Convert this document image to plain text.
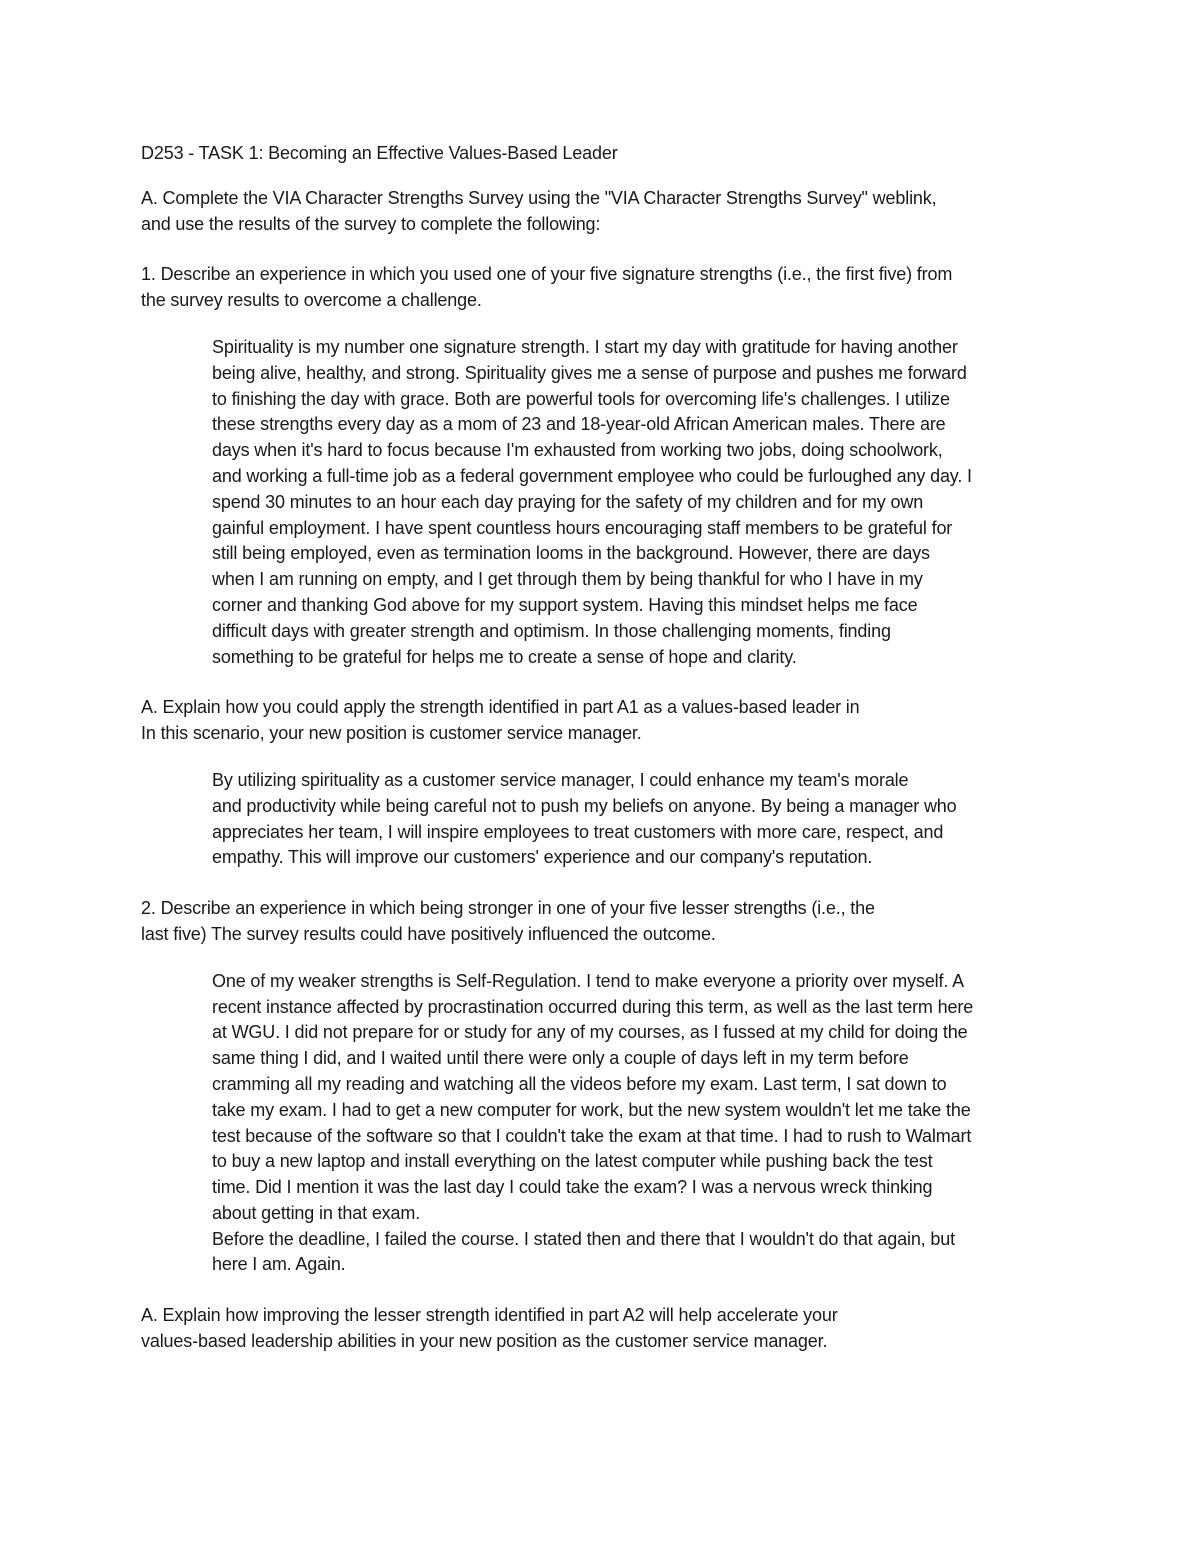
D253 - TASK 1: Becoming an Effective Values-Based Leader

A. Complete the VIA Character Strengths Survey using the "VIA Character Strengths Survey" weblink,
and use the results of the survey to complete the following:

1. Describe an experience in which you used one of your five signature strengths (i.e., the first five) from
the survey results to overcome a challenge.

Spirituality is my number one signature strength. I start my day with gratitude for having another
being alive, healthy, and strong. Spirituality gives me a sense of purpose and pushes me forward
to finishing the day with grace. Both are powerful tools for overcoming life's challenges. I utilize
these strengths every day as a mom of 23 and 18-year-old African American males. There are
days when it's hard to focus because I'm exhausted from working two jobs, doing schoolwork,
and working a full-time job as a federal government employee who could be furloughed any day. I
spend 30 minutes to an hour each day praying for the safety of my children and for my own
gainful employment. I have spent countless hours encouraging staff members to be grateful for
still being employed, even as termination looms in the background. However, there are days
when I am running on empty, and I get through them by being thankful for who I have in my
corner and thanking God above for my support system. Having this mindset helps me face
difficult days with greater strength and optimism. In those challenging moments, finding
something to be grateful for helps me to create a sense of hope and clarity.

A. Explain how you could apply the strength identified in part A1 as a values-based leader in
In this scenario, your new position is customer service manager.

By utilizing spirituality as a customer service manager, I could enhance my team's morale
and productivity while being careful not to push my beliefs on anyone. By being a manager who
appreciates her team, I will inspire employees to treat customers with more care, respect, and
empathy. This will improve our customers' experience and our company's reputation.

2. Describe an experience in which being stronger in one of your five lesser strengths (i.e., the
last five) The survey results could have positively influenced the outcome.

One of my weaker strengths is Self-Regulation. I tend to make everyone a priority over myself. A
recent instance affected by procrastination occurred during this term, as well as the last term here
at WGU. I did not prepare for or study for any of my courses, as I fussed at my child for doing the
same thing I did, and I waited until there were only a couple of days left in my term before
cramming all my reading and watching all the videos before my exam. Last term, I sat down to
take my exam. I had to get a new computer for work, but the new system wouldn't let me take the
test because of the software so that I couldn't take the exam at that time. I had to rush to Walmart
to buy a new laptop and install everything on the latest computer while pushing back the test
time. Did I mention it was the last day I could take the exam? I was a nervous wreck thinking
about getting in that exam.
Before the deadline, I failed the course. I stated then and there that I wouldn't do that again, but
here I am. Again.

A. Explain how improving the lesser strength identified in part A2 will help accelerate your
values-based leadership abilities in your new position as the customer service manager.
